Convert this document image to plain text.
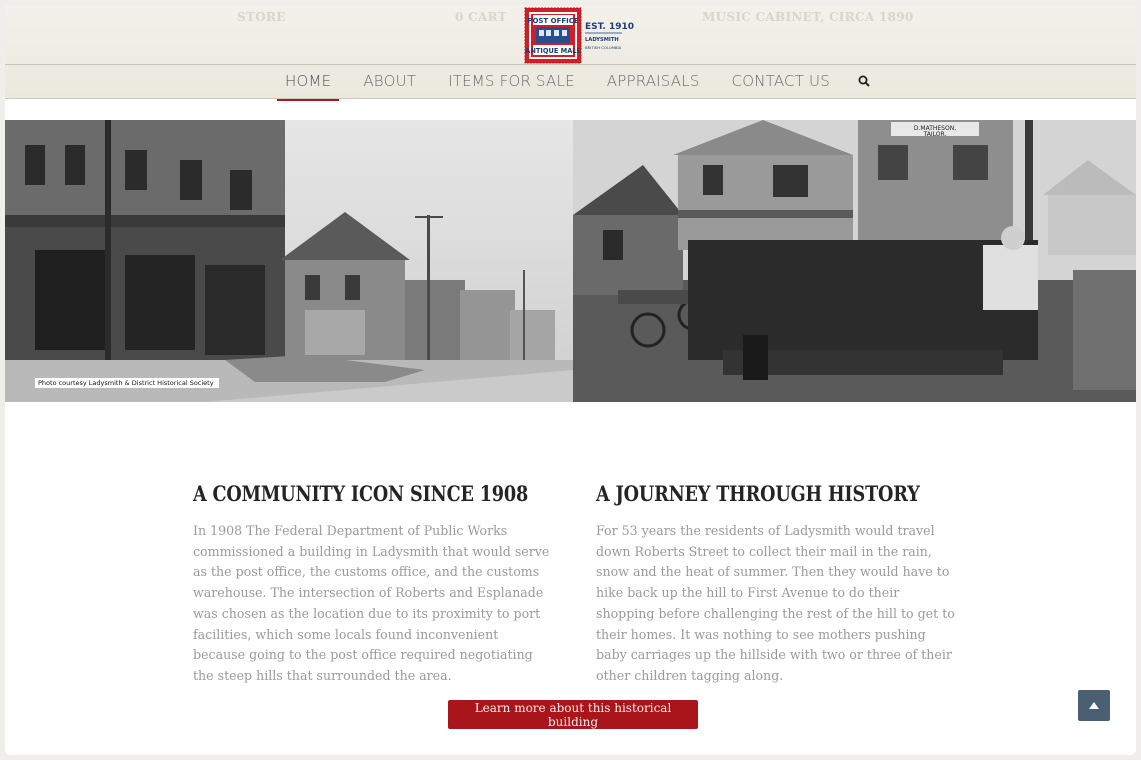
STORE	0 CART	MUSIC CABINET, CIRCA 1890
POST OFFICE
ANTIQUE MALL
EST. 1910
LADYSMITH
BRITISH COLUMBIA
HOME	ABOUT	ITEMS FOR SALE	APPRAISALS	CONTACT US
Photo courtesy Ladysmith & District Historical Society
D.MATHESON,
TAILOR.
A COMMUNITY ICON SINCE 1908

In 1908 The Federal Department of Public Works commissioned a building in Ladysmith that would serve as the post office, the customs office, and the customs warehouse. The intersection of Roberts and Esplanade was chosen as the location due to its proximity to port facilities, which some locals found inconvenient because going to the post office required negotiating the steep hills that surrounded the area.

A JOURNEY THROUGH HISTORY

For 53 years the residents of Ladysmith would travel down Roberts Street to collect their mail in the rain, snow and the heat of summer. Then they would have to hike back up the hill to First Avenue to do their shopping before challenging the rest of the hill to get to their homes. It was nothing to see mothers pushing baby carriages up the hillside with two or three of their other children tagging along.

Learn more about this historical building
